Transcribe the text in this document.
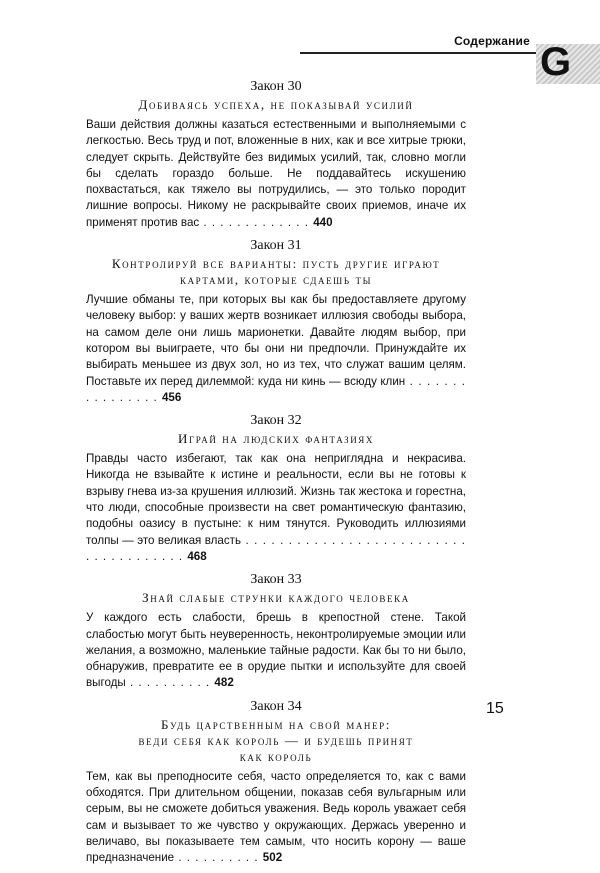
Содержание G

Закон 30

Добиваясь успеха, не показывай усилий

Ваши действия должны казаться естественными и выполняемыми с легкостью. Весь труд и пот, вложенные в них, как и все хитрые трюки, следует скрыть. Действуйте без видимых усилий, так, словно могли бы сделать гораздо больше. Не поддавайтесь искушению похвастаться, как тяжело вы потрудились, — это только породит лишние вопросы. Никому не раскрывайте своих приемов, иначе их применят против вас . . . . . . . . . . . . . 440

Закон 31

Контролируй все варианты: пусть другие играют
картами, которые сдаешь ты

Лучшие обманы те, при которых вы как бы предоставляете другому человеку выбор: у ваших жертв возникает иллюзия свободы выбора, на самом деле они лишь марионетки. Давайте людям выбор, при котором вы выиграете, что бы они ни предпочли. Принуждайте их выбирать меньшее из двух зол, но из тех, что служат вашим целям. Поставьте их перед дилеммой: куда ни кинь — всюду клин . . . . . . . . . . . . . . . . 456

Закон 32

Играй на людских фантазиях

Правды часто избегают, так как она неприглядна и некрасива. Никогда не взывайте к истине и реальности, если вы не готовы к взрыву гнева из-за крушения иллюзий. Жизнь так жестока и горестна, что люди, способные произвести на свет романтическую фантазию, подобны оазису в пустыне: к ним тянутся. Руководить иллюзиями толпы — это великая власть . . . . . . . . . . . . . . . . . . . . . . . . . . . . . . . . . . . . . . 468

Закон 33

Знай слабые струнки каждого человека

У каждого есть слабости, брешь в крепостной стене. Такой слабостью могут быть неуверенность, неконтролируемые эмоции или желания, а возможно, маленькие тайные радости. Как бы то ни было, обнаружив, превратите ее в орудие пытки и используйте для своей выгоды . . . . . . . . . . 482

Закон 34

Будь царственным на свой манер:
веди себя как король — и будешь принят
как король

Тем, как вы преподносите себя, часто определяется то, как с вами обходятся. При длительном общении, показав себя вульгарным или серым, вы не сможете добиться уважения. Ведь король уважает себя сам и вызывает то же чувство у окружающих. Держась уверенно и величаво, вы показываете тем самым, что носить корону — ваше предназначение . . . . . . . . . . 502

15
